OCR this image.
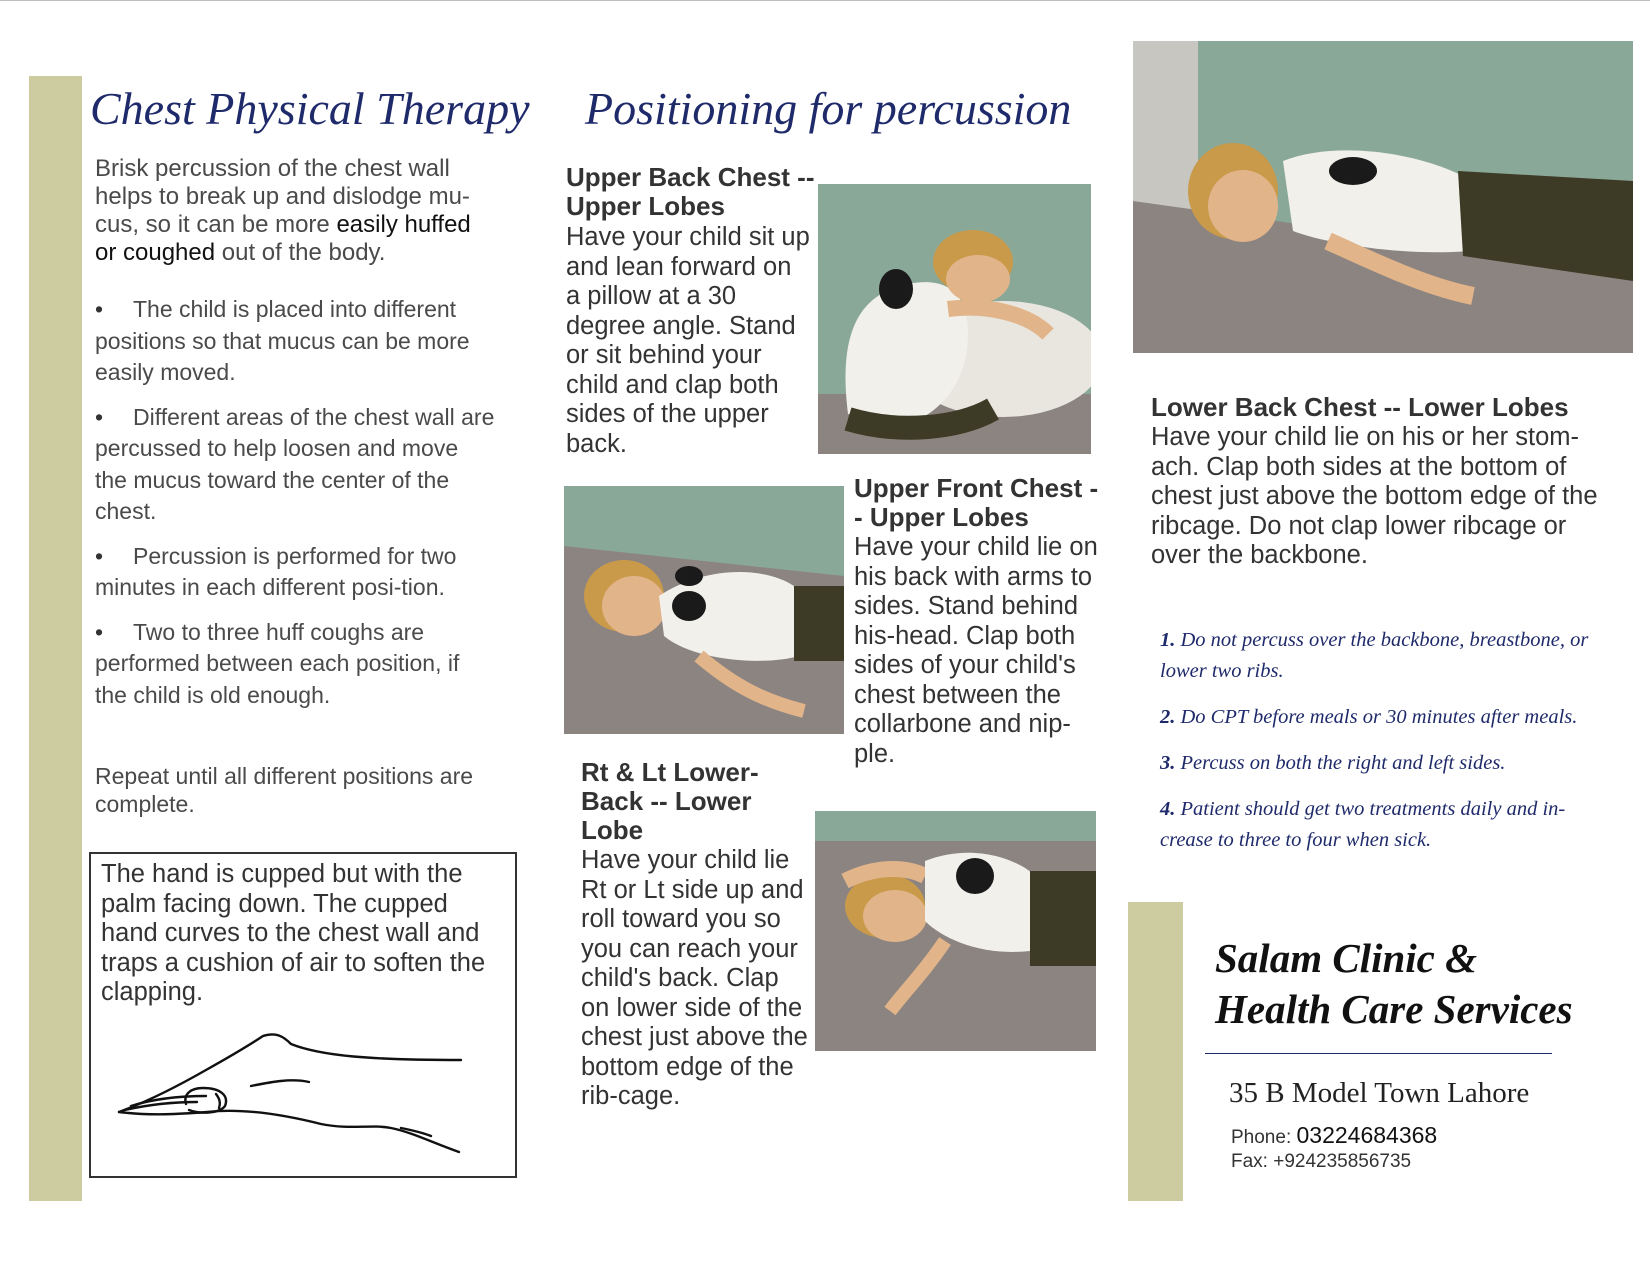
Chest Physical Therapy
Brisk percussion of the chest wall helps to break up and dislodge mu-cus, so it can be more easily huffed or coughed out of the body.
• The child is placed into different positions so that mucus can be more easily moved.
• Different areas of the chest wall are percussed to help loosen and move the mucus toward the center of the chest.
• Percussion is performed for two minutes in each different posi-tion.
• Two to three huff coughs are performed between each position, if the child is old enough.
Repeat until all different positions are complete.
The hand is cupped but with the palm facing down. The cupped hand curves to the chest wall and traps a cushion of air to soften the clapping.
Positioning for percussion
Upper Back Chest -- Upper Lobes
Have your child sit up and lean forward on a pillow at a 30 degree angle. Stand or sit behind your child and clap both sides of the upper back.
Upper Front Chest -- Upper Lobes
Have your child lie on his back with arms to sides. Stand behind his-head. Clap both sides of your child's chest between the collarbone and nip-ple.
Rt & Lt Lower-Back -- Lower Lobe
Have your child lie Rt or Lt side up and roll toward you so you can reach your child's back. Clap on lower side of the chest just above the bottom edge of the rib-cage.
Lower Back Chest -- Lower Lobes
Have your child lie on his or her stom-ach. Clap both sides at the bottom of chest just above the bottom edge of the ribcage. Do not clap lower ribcage or over the backbone.

1. Do not percuss over the backbone, breastbone, or lower two ribs.

2. Do CPT before meals or 30 minutes after meals.

3. Percuss on both the right and left sides.

4. Patient should get two treatments daily and in-crease to three to four when sick.

Salam Clinic &
Health Care Services
35 B Model Town Lahore
Phone: 03224684368
Fax: +924235856735
